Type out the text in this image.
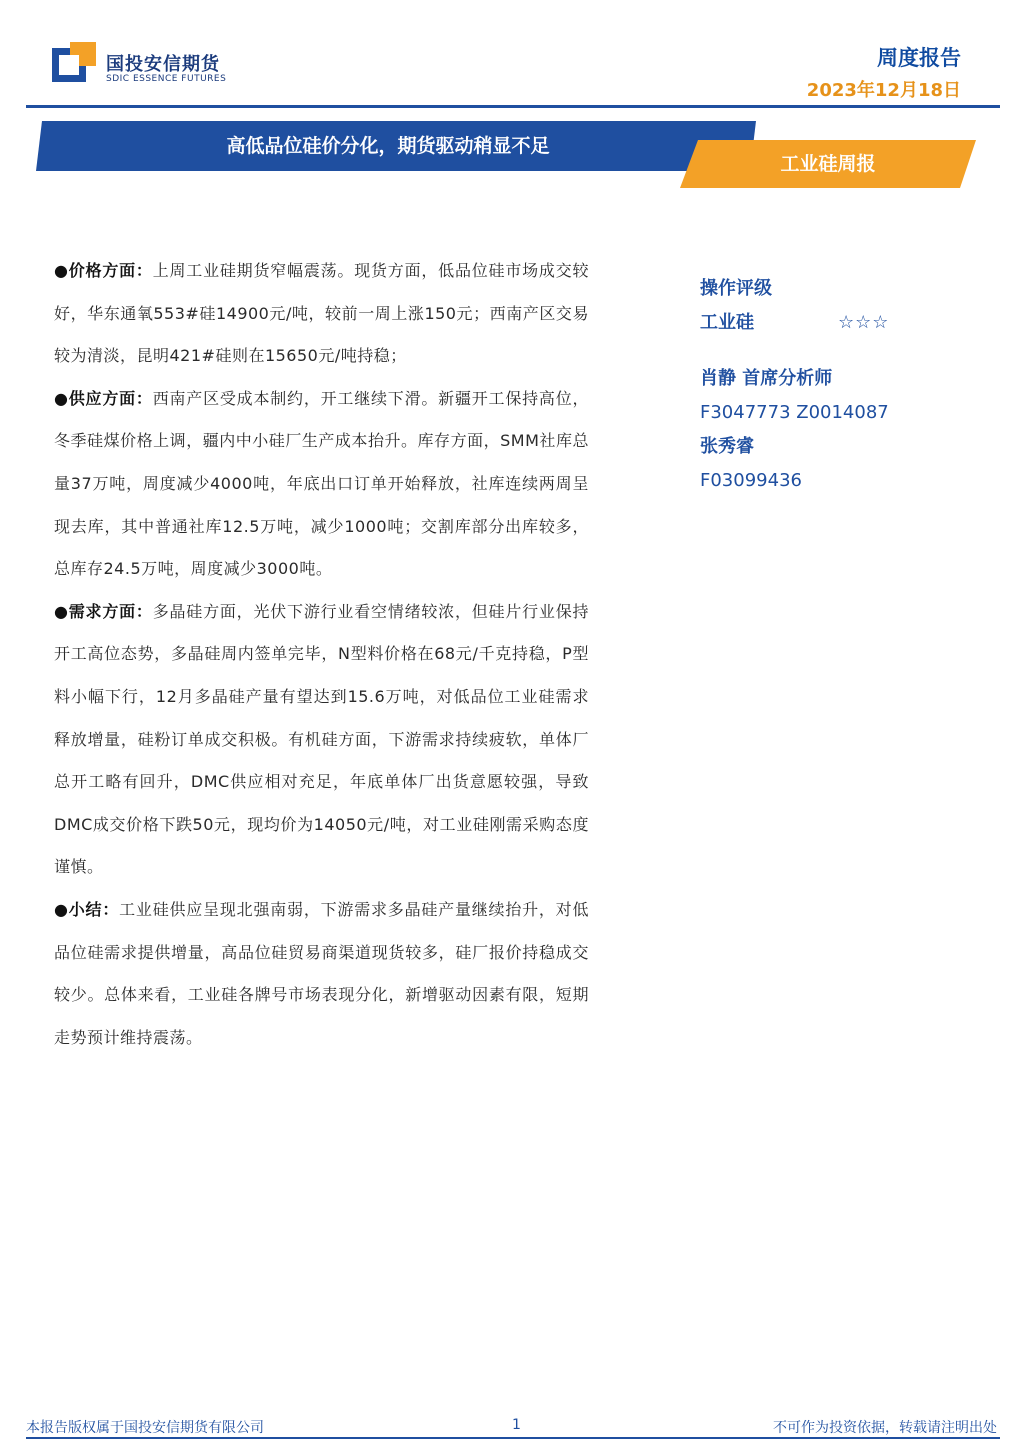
国投安信期货
SDIC ESSENCE FUTURES
周度报告
2023年12月18日
高低品位硅价分化，期货驱动稍显不足
工业硅周报

●价格方面：上周工业硅期货窄幅震荡。现货方面，低品位硅市场成交较好，华东通氧553#硅14900元/吨，较前一周上涨150元；西南产区交易较为清淡，昆明421#硅则在15650元/吨持稳；

●供应方面：西南产区受成本制约，开工继续下滑。新疆开工保持高位，冬季硅煤价格上调，疆内中小硅厂生产成本抬升。库存方面，SMM社库总量37万吨，周度减少4000吨，年底出口订单开始释放，社库连续两周呈现去库，其中普通社库12.5万吨，减少1000吨；交割库部分出库较多，总库存24.5万吨，周度减少3000吨。

●需求方面：多晶硅方面，光伏下游行业看空情绪较浓，但硅片行业保持开工高位态势，多晶硅周内签单完毕，N型料价格在68元/千克持稳，P型料小幅下行，12月多晶硅产量有望达到15.6万吨，对低品位工业硅需求释放增量，硅粉订单成交积极。有机硅方面，下游需求持续疲软，单体厂总开工略有回升，DMC供应相对充足，年底单体厂出货意愿较强，导致DMC成交价格下跌50元，现均价为14050元/吨，对工业硅刚需采购态度谨慎。

●小结：工业硅供应呈现北强南弱，下游需求多晶硅产量继续抬升，对低品位硅需求提供增量，高品位硅贸易商渠道现货较多，硅厂报价持稳成交较少。总体来看，工业硅各牌号市场表现分化，新增驱动因素有限，短期走势预计维持震荡。

操作评级
工业硅	☆☆☆
肖静 首席分析师
F3047773 Z0014087
张秀睿
F03099436
本报告版权属于国投安信期货有限公司	1	不可作为投资依据，转载请注明出处
